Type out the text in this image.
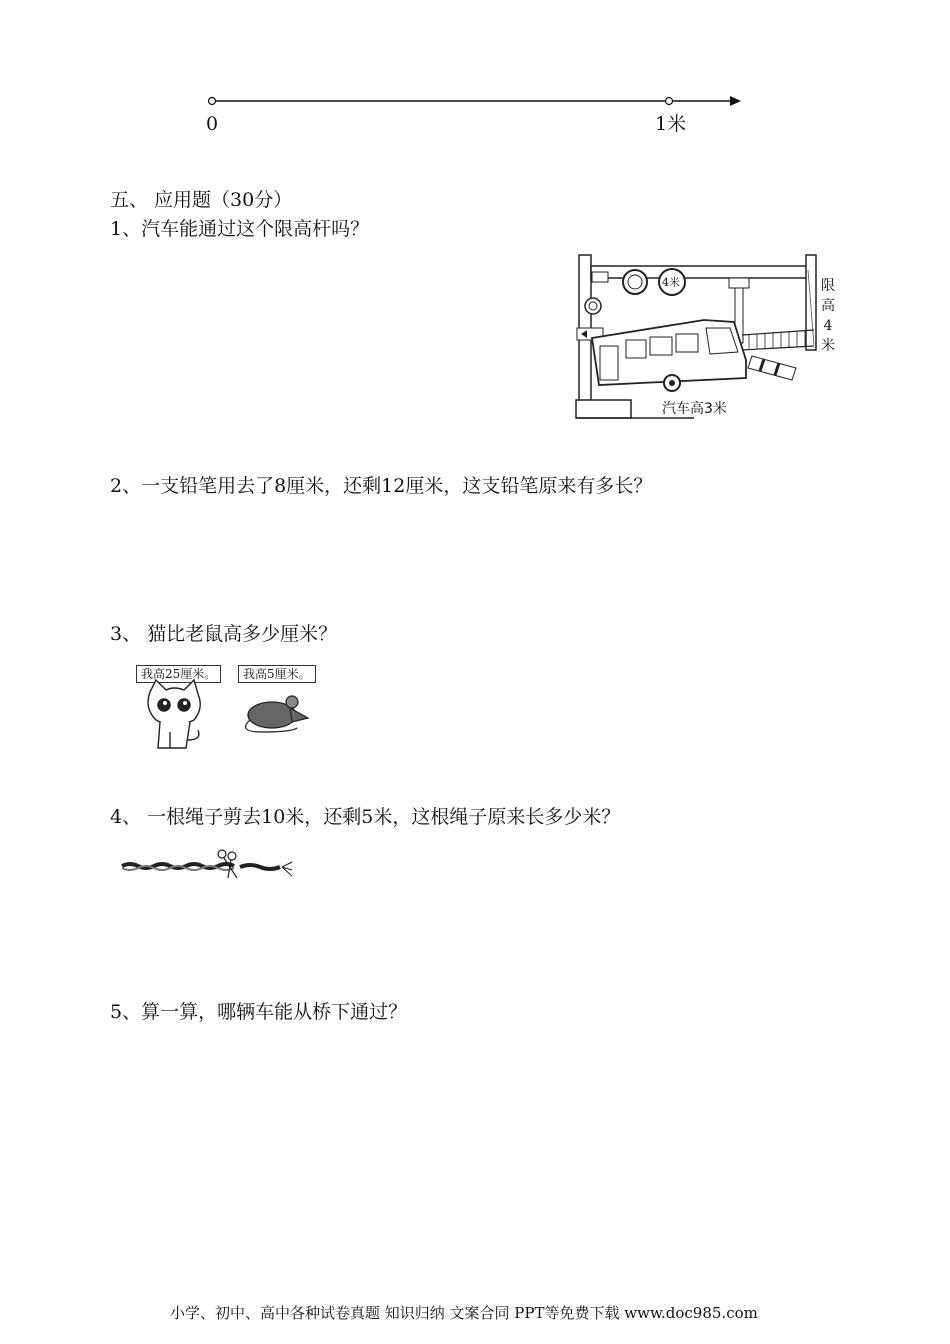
0	1米
五、 应用题（30分）
1、汽车能通过这个限高杆吗？
4米	限
高
4
米
汽车高3米
2、一支铅笔用去了8厘米，还剩12厘米，这支铅笔原来有多长？
3、 猫比老鼠高多少厘米？
我高25厘米。	我高5厘米。
4、 一根绳子剪去10米，还剩5米，这根绳子原来长多少米？
5、算一算，哪辆车能从桥下通过？
小学、初中、高中各种试卷真题 知识归纳 文案合同 PPT等免费下载 www.doc985.com
